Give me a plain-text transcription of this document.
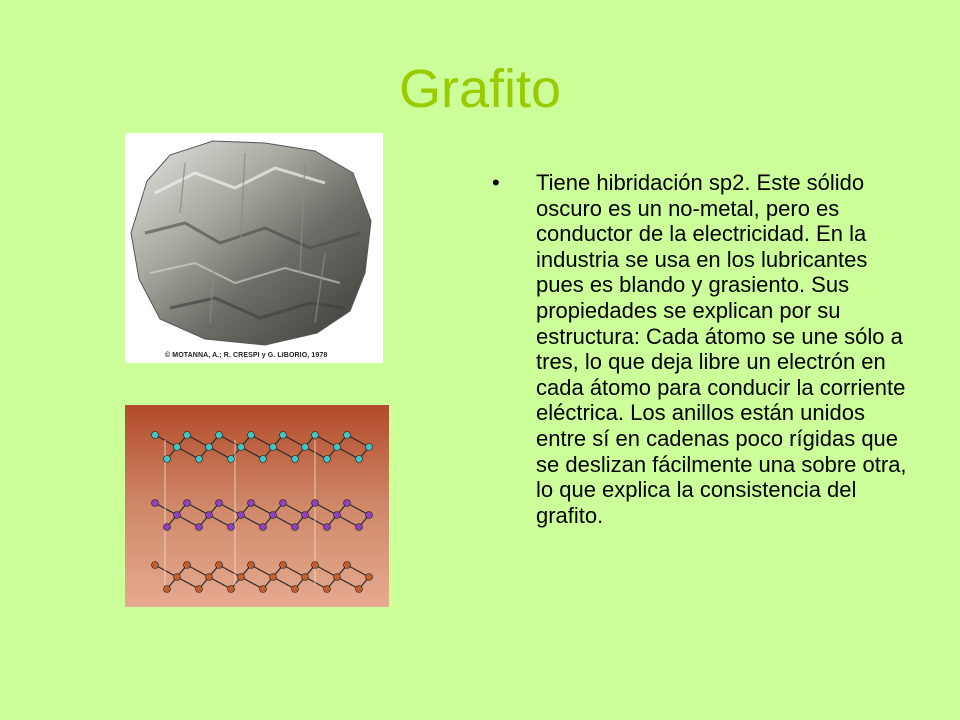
Grafito
© MOTANNA, A.; R. CRESPI y G. LIBORIO, 1978
• Tiene hibridación sp2. Este sólido oscuro es un no-metal, pero es conductor de la electricidad. En la industria se usa en los lubricantes pues es blando y grasiento. Sus propiedades se explican por su estructura: Cada átomo se une sólo a tres, lo que deja libre un electrón en cada átomo para conducir la corriente eléctrica. Los anillos están unidos entre sí en cadenas poco rígidas que se deslizan fácilmente una sobre otra, lo que explica la consistencia del grafito.
